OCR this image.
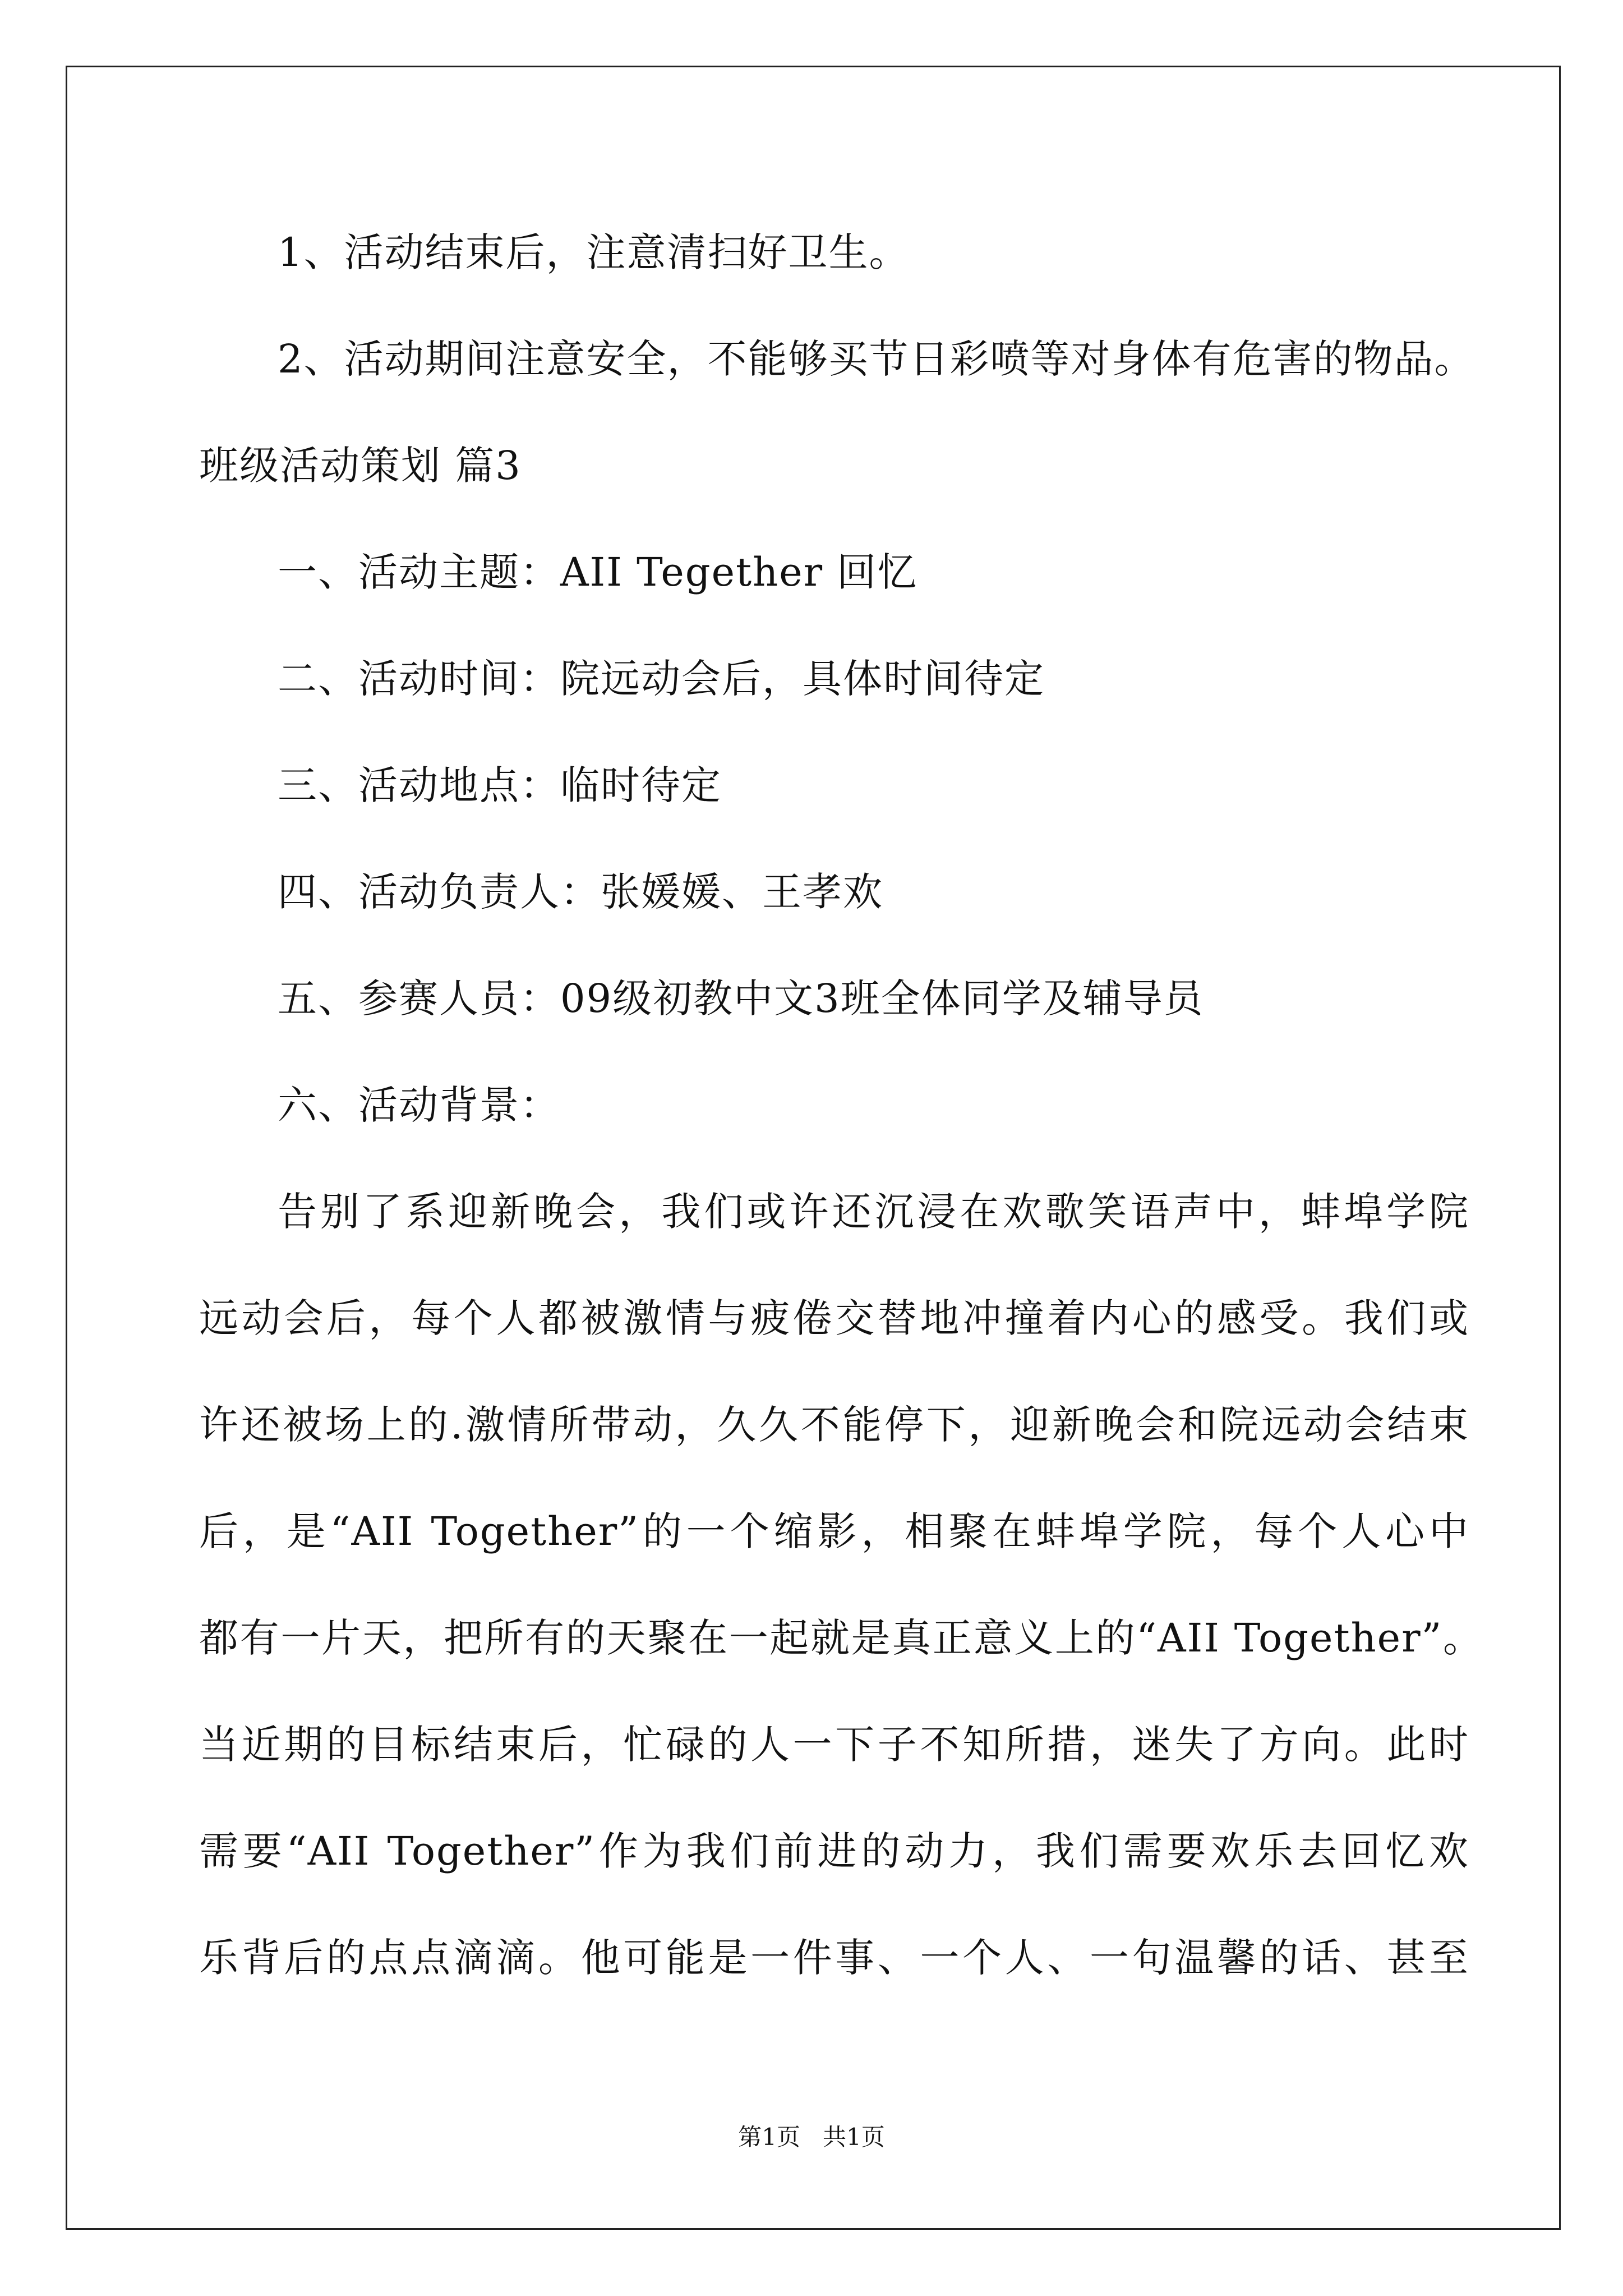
1、活动结束后，注意清扫好卫生。
2、活动期间注意安全，不能够买节日彩喷等对身体有危害的物品。
班级活动策划 篇3
一、活动主题：AII Tegether 回忆
二、活动时间：院远动会后，具体时间待定
三、活动地点：临时待定
四、活动负责人：张媛媛、王孝欢
五、参赛人员：09级初教中文3班全体同学及辅导员
六、活动背景：
告别了系迎新晚会，我们或许还沉浸在欢歌笑语声中，蚌埠学院
远动会后，每个人都被激情与疲倦交替地冲撞着内心的感受。我们或
许还被场上的.激情所带动，久久不能停下，迎新晚会和院远动会结束
后，是“AII Together”的一个缩影，相聚在蚌埠学院，每个人心中
都有一片天，把所有的天聚在一起就是真正意义上的“AII Together”。
当近期的目标结束后，忙碌的人一下子不知所措，迷失了方向。此时
需要“AII Together”作为我们前进的动力，我们需要欢乐去回忆欢
乐背后的点点滴滴。他可能是一件事、一个人、一句温馨的话、甚至
第1页   共1页
